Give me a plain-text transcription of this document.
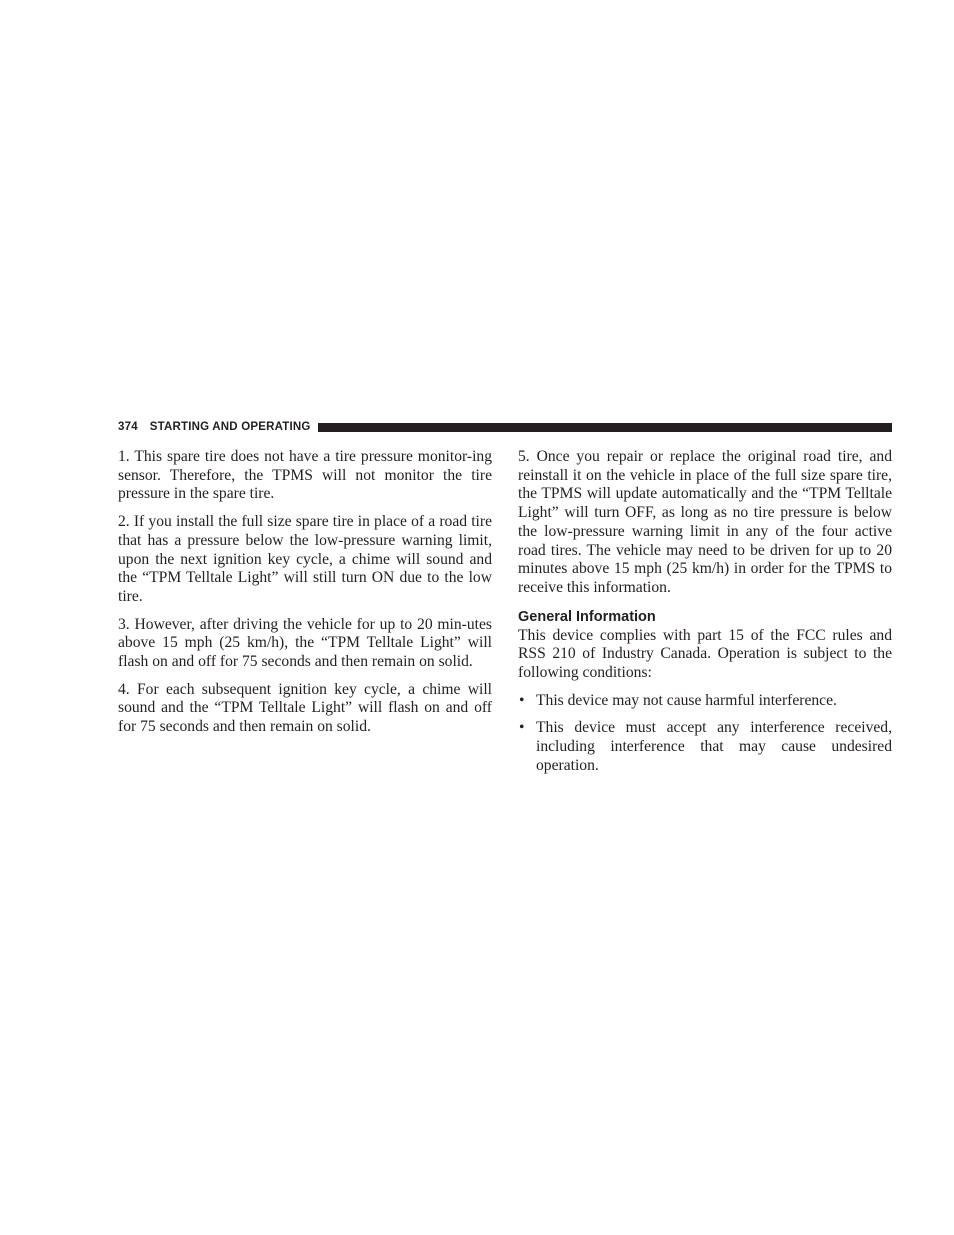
374 STARTING AND OPERATING

1. This spare tire does not have a tire pressure monitor-ing sensor. Therefore, the TPMS will not monitor the tire pressure in the spare tire.

2. If you install the full size spare tire in place of a road tire that has a pressure below the low-pressure warning limit, upon the next ignition key cycle, a chime will sound and the “TPM Telltale Light” will still turn ON due to the low tire.

3. However, after driving the vehicle for up to 20 min-utes above 15 mph (25 km/h), the “TPM Telltale Light” will flash on and off for 75 seconds and then remain on solid.

4. For each subsequent ignition key cycle, a chime will sound and the “TPM Telltale Light” will flash on and off for 75 seconds and then remain on solid.

5. Once you repair or replace the original road tire, and reinstall it on the vehicle in place of the full size spare tire, the TPMS will update automatically and the “TPM Telltale Light” will turn OFF, as long as no tire pressure is below the low-pressure warning limit in any of the four active road tires. The vehicle may need to be driven for up to 20 minutes above 15 mph (25 km/h) in order for the TPMS to receive this information.

General Information

This device complies with part 15 of the FCC rules and RSS 210 of Industry Canada. Operation is subject to the following conditions:

• This device may not cause harmful interference.
• This device must accept any interference received, including interference that may cause undesired operation.
